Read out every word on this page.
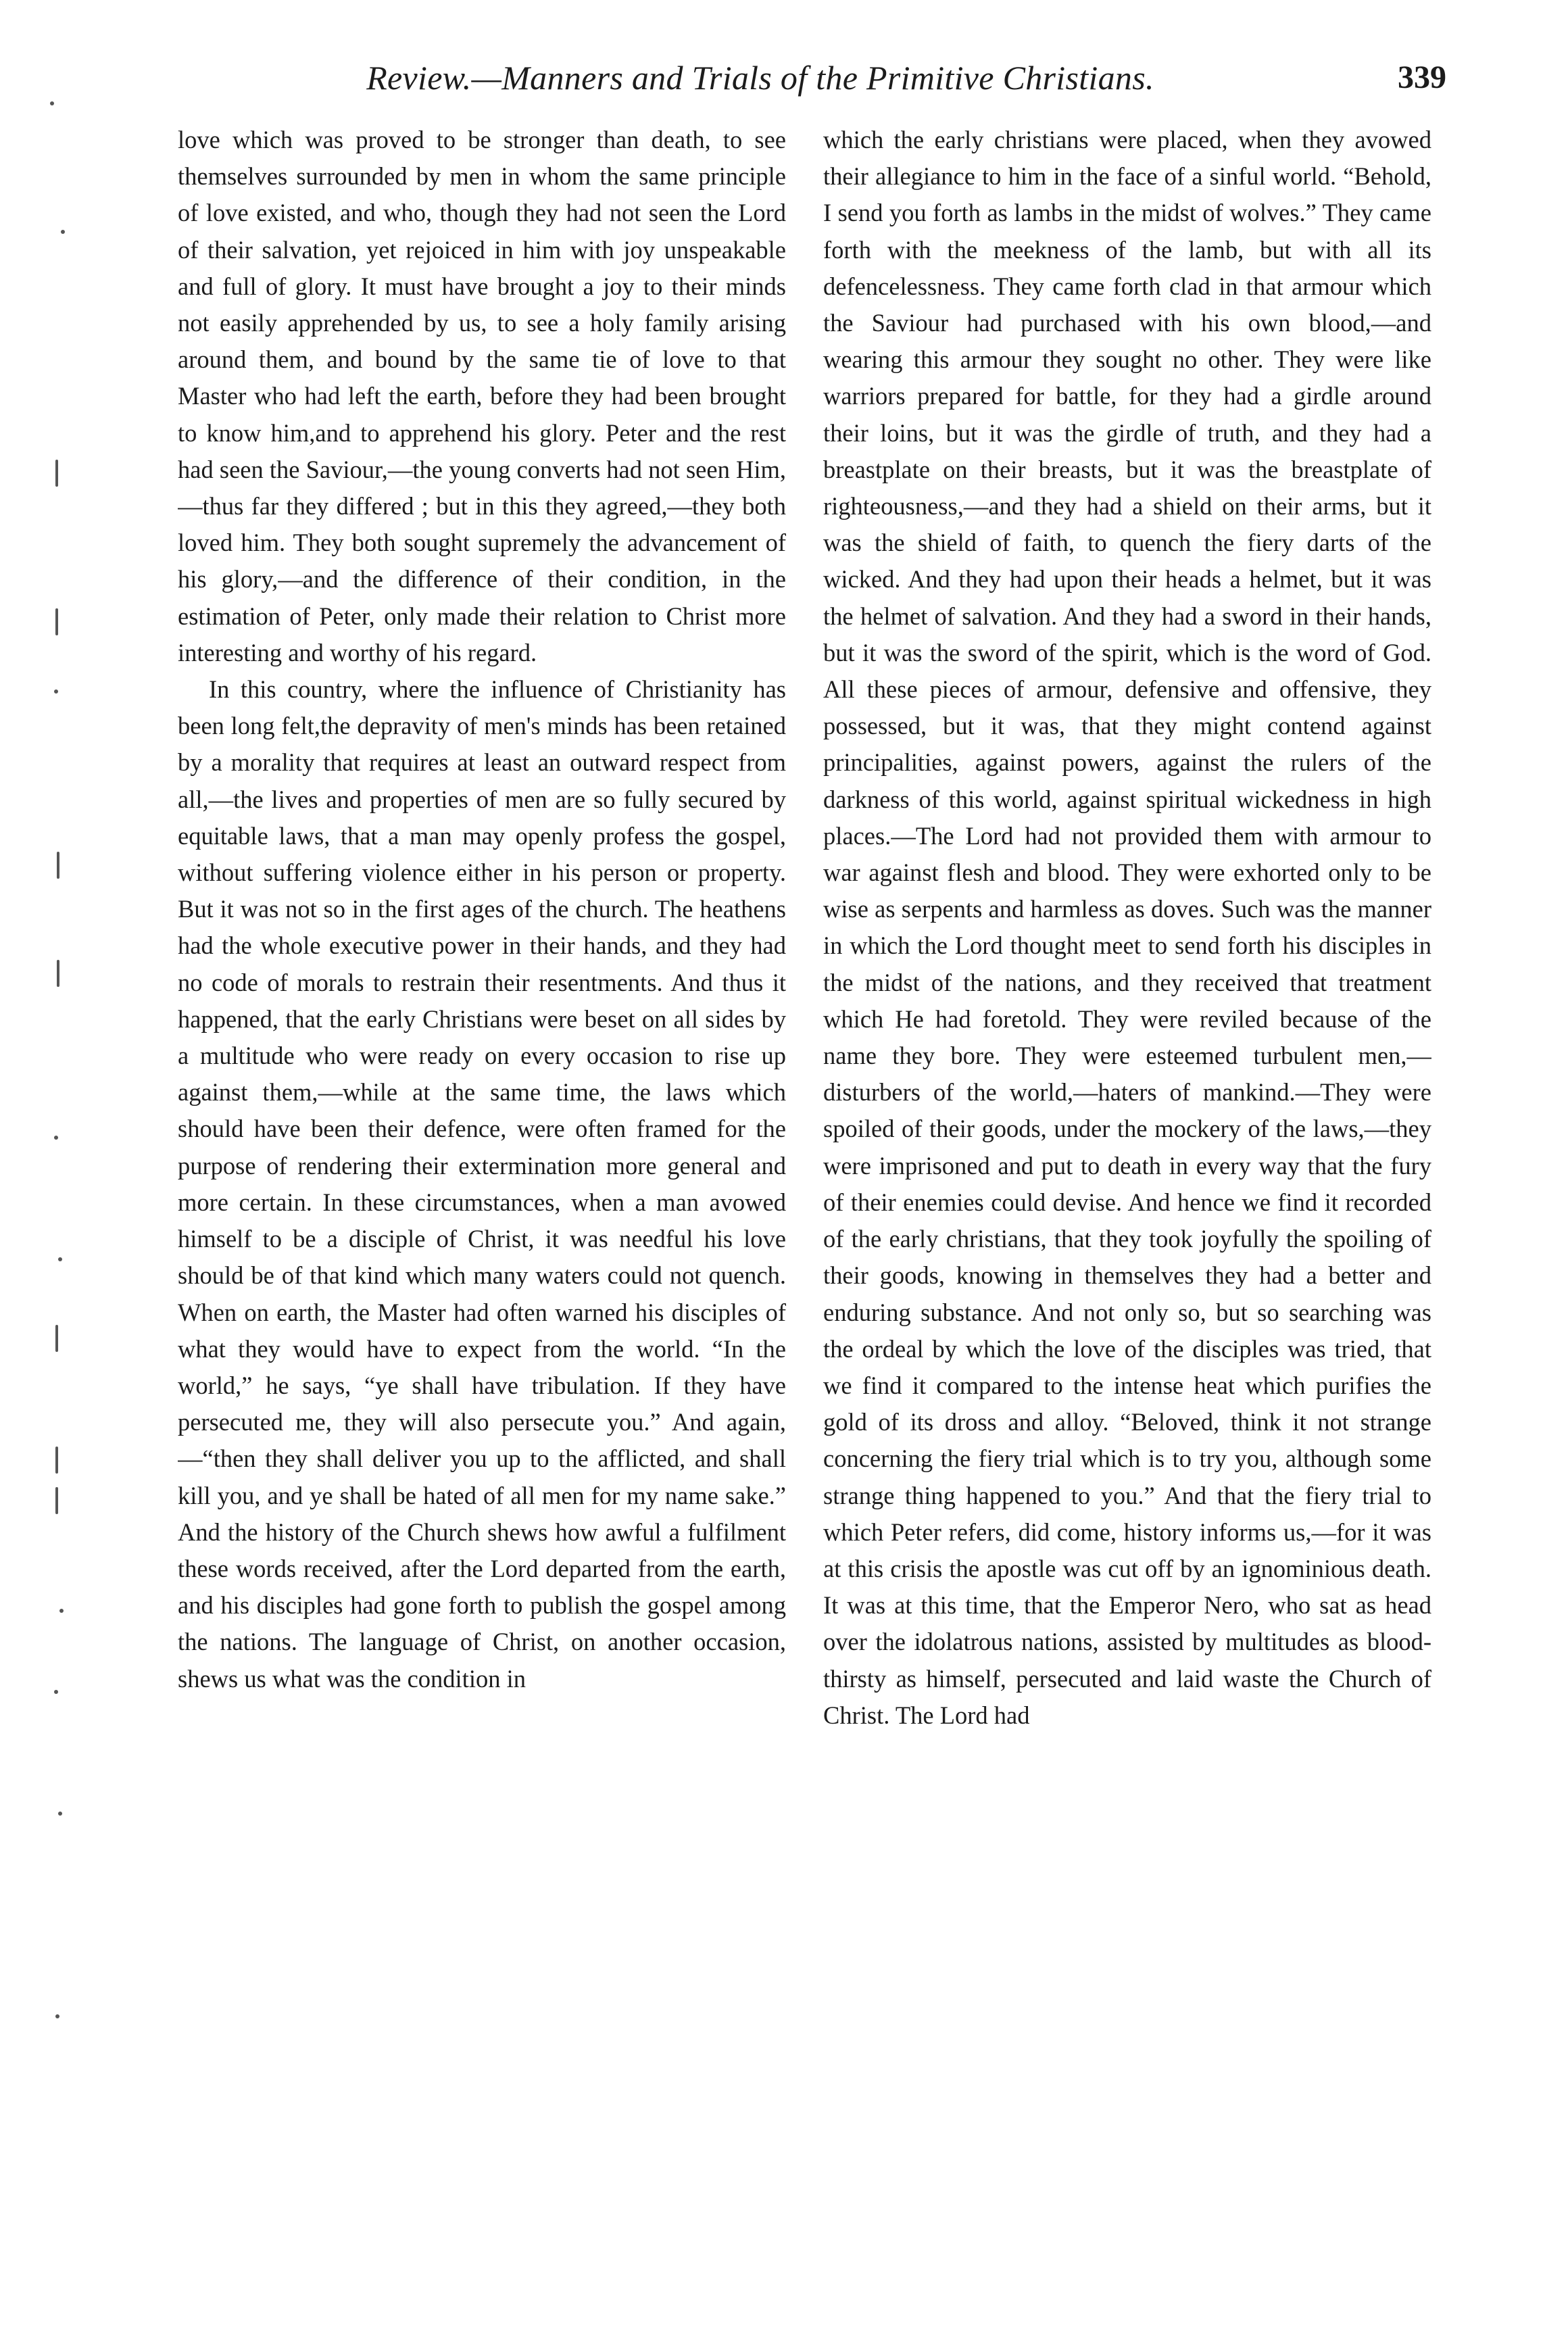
Review.—Manners and Trials of the Primitive Christians.	339

love which was proved to be stronger than death, to see themselves surrounded by men in whom the same principle of love existed, and who, though they had not seen the Lord of their salvation, yet rejoiced in him with joy unspeakable and full of glory. It must have brought a joy to their minds not easily apprehended by us, to see a holy family arising around them, and bound by the same tie of love to that Master who had left the earth, before they had been brought to know him,and to apprehend his glory. Peter and the rest had seen the Saviour,—the young converts had not seen Him,—thus far they differed ; but in this they agreed,—they both loved him. They both sought supremely the advancement of his glory,—and the difference of their condition, in the estimation of Peter, only made their relation to Christ more interesting and worthy of his regard.

In this country, where the influence of Christianity has been long felt,the depravity of men's minds has been retained by a morality that requires at least an outward respect from all,—the lives and properties of men are so fully secured by equitable laws, that a man may openly profess the gospel, without suffering violence either in his person or property. But it was not so in the first ages of the church. The heathens had the whole executive power in their hands, and they had no code of morals to restrain their resentments. And thus it happened, that the early Christians were beset on all sides by a multitude who were ready on every occasion to rise up against them,—while at the same time, the laws which should have been their defence, were often framed for the purpose of rendering their extermination more general and more certain. In these circumstances, when a man avowed himself to be a disciple of Christ, it was needful his love should be of that kind which many waters could not quench. When on earth, the Master had often warned his disciples of what they would have to expect from the world. “In the world,” he says, “ye shall have tribulation. If they have persecuted me, they will also persecute you.” And again,—“then they shall deliver you up to the afflicted, and shall kill you, and ye shall be hated of all men for my name sake.” And the history of the Church shews how awful a fulfilment these words received, after the Lord departed from the earth, and his disciples had gone forth to publish the gospel among the nations. The language of Christ, on another occasion, shews us what was the condition in

which the early christians were placed, when they avowed their allegiance to him in the face of a sinful world. “Behold, I send you forth as lambs in the midst of wolves.” They came forth with the meekness of the lamb, but with all its defencelessness. They came forth clad in that armour which the Saviour had purchased with his own blood,—and wearing this armour they sought no other. They were like warriors prepared for battle, for they had a girdle around their loins, but it was the girdle of truth, and they had a breastplate on their breasts, but it was the breastplate of righteousness,—and they had a shield on their arms, but it was the shield of faith, to quench the fiery darts of the wicked. And they had upon their heads a helmet, but it was the helmet of salvation. And they had a sword in their hands, but it was the sword of the spirit, which is the word of God. All these pieces of armour, defensive and offensive, they possessed, but it was, that they might contend against principalities, against powers, against the rulers of the darkness of this world, against spiritual wickedness in high places.—The Lord had not provided them with armour to war against flesh and blood. They were exhorted only to be wise as serpents and harmless as doves. Such was the manner in which the Lord thought meet to send forth his disciples in the midst of the nations, and they received that treatment which He had foretold. They were reviled because of the name they bore. They were esteemed turbulent men,—disturbers of the world,—haters of mankind.—They were spoiled of their goods, under the mockery of the laws,—they were imprisoned and put to death in every way that the fury of their enemies could devise. And hence we find it recorded of the early christians, that they took joyfully the spoiling of their goods, knowing in themselves they had a better and enduring substance. And not only so, but so searching was the ordeal by which the love of the disciples was tried, that we find it compared to the intense heat which purifies the gold of its dross and alloy. “Beloved, think it not strange concerning the fiery trial which is to try you, although some strange thing happened to you.” And that the fiery trial to which Peter refers, did come, history informs us,—for it was at this crisis the apostle was cut off by an ignominious death. It was at this time, that the Emperor Nero, who sat as head over the idolatrous nations, assisted by multitudes as blood-thirsty as himself, persecuted and laid waste the Church of Christ. The Lord had
